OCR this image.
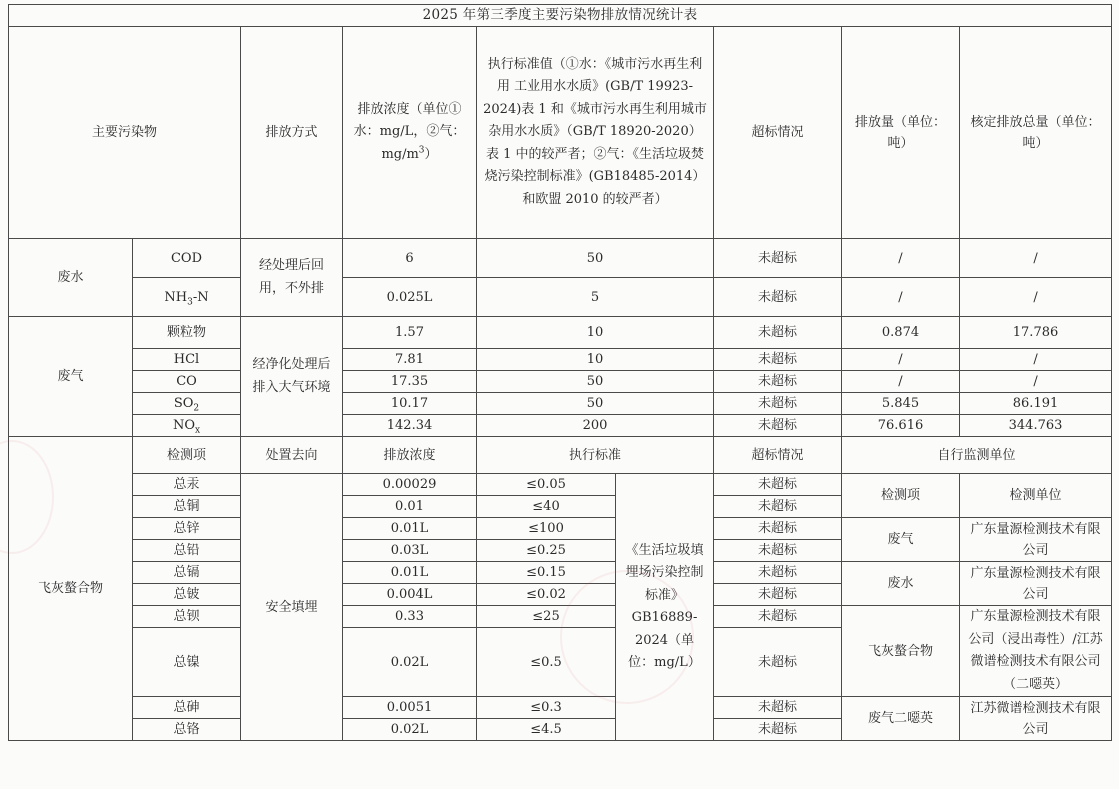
2025 年第三季度主要污染物排放情况统计表									
主要污染物		排放方式	排放浓度（单位①水：mg/L，②气：$mg/m^3$）	执行标准值（①水：《城市污水再生利用 工业用水水质》(GB/T 19923-2024)表 1 和《城市污水再生利用城市杂用水水质》（GB/T 18920-2020）表 1 中的较严者；②气：《生活垃圾焚烧污染控制标准》(GB18485-2014）和欧盟 2010 的较严者）		超标情况	排放量（单位：吨）	核定排放总量（单位：吨）	
废水	COD	经处理后回用，不外排	6	50		未超标	/	/	
	$NH_3-N$		0.025L	5		未超标	/	/	
废气	颗粒物	经净化处理后排入大气环境	1.57	10		未超标	0.874	17.786	
	HCl		7.81	10		未超标	/	/	
	CO		17.35	50		未超标	/	/	
	$SO_2$		10.17	50		未超标	5.845	86.191	
	$NO_x$		142.34	200		未超标	76.616	344.763	
飞灰螯合物	检测项	处置去向	排放浓度	执行标准		超标情况	自行监测单位		
	总汞	安全填埋	0.00029	≤0.05	《生活垃圾填埋场污染控制标准》GB16889-2024（单位：mg/L）	未超标	检测项	检测单位	
	总铜		0.01	≤40		未超标			
	总锌		0.01L	≤100		未超标	废气	广东量源检测技术有限公司	
	总铅		0.03L	≤0.25		未超标			
	总镉		0.01L	≤0.15		未超标	废水	广东量源检测技术有限公司	
	总铍		0.004L	≤0.02		未超标			
	总钡		0.33	≤25		未超标	飞灰螯合物	广东量源检测技术有限公司（浸出毒性）/江苏微谱检测技术有限公司（二噁英）	
	总镍		0.02L	≤0.5		未超标			

	总砷		0.0051	≤0.3		未超标	废气二噁英	江苏微谱检测技术有限公司	
	总铬		0.02L	≤4.5		未超标			
